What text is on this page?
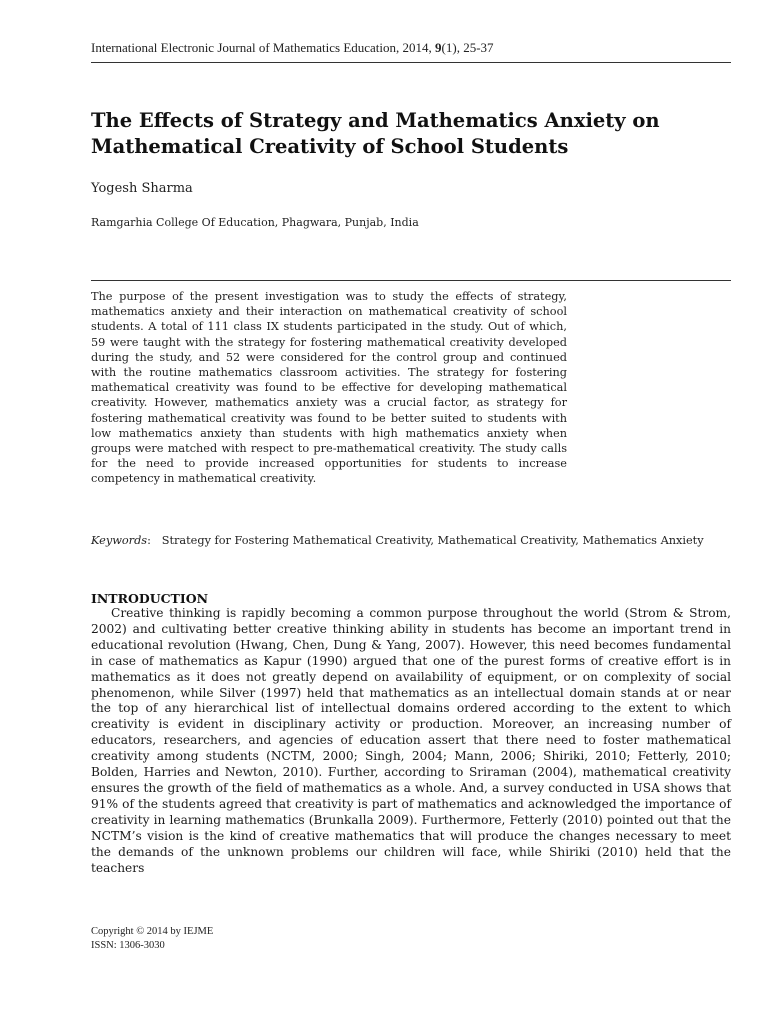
International Electronic Journal of Mathematics Education, 2014, 9(1), 25-37
The Effects of Strategy and Mathematics Anxiety on Mathematical Creativity of School Students
Yogesh Sharma
Ramgarhia College Of Education, Phagwara, Punjab, India

The purpose of the present investigation was to study the effects of strategy, mathematics anxiety and their interaction on mathematical creativity of school students. A total of 111 class IX students participated in the study. Out of which, 59 were taught with the strategy for fostering mathematical creativity developed during the study, and 52 were considered for the control group and continued with the routine mathematics classroom activities. The strategy for fostering mathematical creativity was found to be effective for developing mathematical creativity. However, mathematics anxiety was a crucial factor, as strategy for fostering mathematical creativity was found to be better suited to students with low mathematics anxiety than students with high mathematics anxiety when groups were matched with respect to pre-mathematical creativity. The study calls for the need to provide increased opportunities for students to increase competency in mathematical creativity.

Keywords:   Strategy for Fostering Mathematical Creativity, Mathematical Creativity, Mathematics Anxiety

INTRODUCTION

Creative thinking is rapidly becoming a common purpose throughout the world (Strom & Strom, 2002) and cultivating better creative thinking ability in students has become an important trend in educational revolution (Hwang, Chen, Dung & Yang, 2007). However, this need becomes fundamental in case of mathematics as Kapur (1990) argued that one of the purest forms of creative effort is in mathematics as it does not greatly depend on availability of equipment, or on complexity of social phenomenon, while Silver (1997) held that mathematics as an intellectual domain stands at or near the top of any hierarchical list of intellectual domains ordered according to the extent to which creativity is evident in disciplinary activity or production. Moreover, an increasing number of educators, researchers, and agencies of education assert that there need to foster mathematical creativity among students (NCTM, 2000; Singh, 2004; Mann, 2006; Shiriki, 2010; Fetterly, 2010; Bolden, Harries and Newton, 2010). Further, according to Sriraman (2004), mathematical creativity ensures the growth of the field of mathematics as a whole. And, a survey conducted in USA shows that 91% of the students agreed that creativity is part of mathematics and acknowledged the importance of creativity in learning mathematics (Brunkalla 2009). Furthermore, Fetterly (2010) pointed out that the NCTM’s vision is the kind of creative mathematics that will produce the changes necessary to meet the demands of the unknown problems our children will face, while Shiriki (2010) held that the teachers

Copyright © 2014 by IEJME
ISSN: 1306-3030
